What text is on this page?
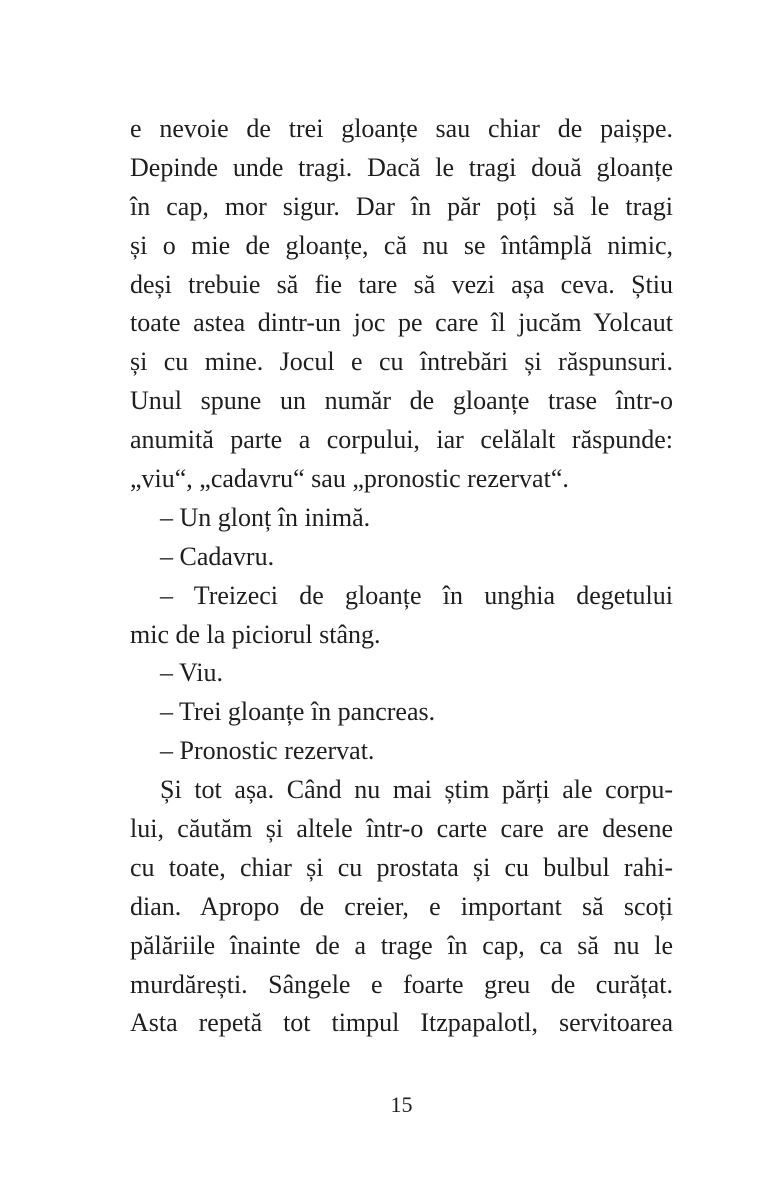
e nevoie de trei gloanțe sau chiar de paișpe.
Depinde unde tragi. Dacă le tragi două gloanțe
în cap, mor sigur. Dar în păr poți să le tragi
și o mie de gloanțe, că nu se întâmplă nimic,
deși trebuie să fie tare să vezi așa ceva. Știu
toate astea dintr-un joc pe care îl jucăm Yolcaut
și cu mine. Jocul e cu întrebări și răspunsuri.
Unul spune un număr de gloanțe trase într-o
anumită parte a corpului, iar celălalt răspunde:
„viu“, „cadavru“ sau „pronostic rezervat“.
– Un glonț în inimă.
– Cadavru.
– Treizeci de gloanțe în unghia degetului
mic de la piciorul stâng.
– Viu.
– Trei gloanțe în pancreas.
– Pronostic rezervat.
Și tot așa. Când nu mai știm părți ale corpu-
lui, căutăm și altele într-o carte care are desene
cu toate, chiar și cu prostata și cu bulbul rahi-
dian. Apropo de creier, e important să scoți
pălăriile înainte de a trage în cap, ca să nu le
murdărești. Sângele e foarte greu de curățat.
Asta repetă tot timpul Itzpapalotl, servitoarea
15
